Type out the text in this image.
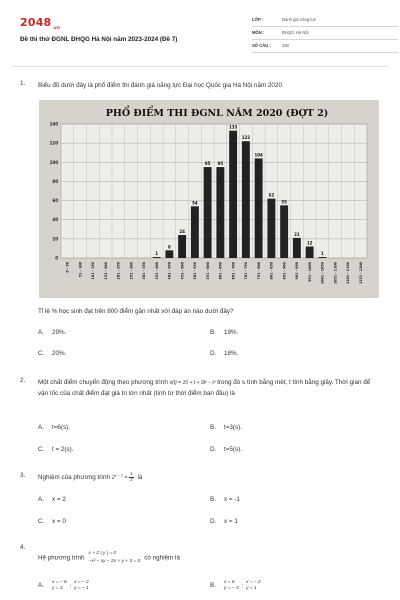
2048.vn
Đề thi thử ĐGNL ĐHQG Hà Nội năm 2023-2024 (Đề 7)
LỚP :	Đánh giá năng lực
MÔN :	ĐHQG Hà Nội
SỐ CÂU :	150
1. Biểu đồ dưới đây là phổ điểm thi đánh giá năng lực Đại học Quốc gia Hà Nội năm 2020
PHỔ ĐIỂM THI ĐGNL NĂM 2020 (ĐỢT 2)
0
20
40
60
80
100
120
140
0 - 50	51 - 100	101 - 150	151 - 200	201 - 250	251 - 300	301 - 350
1
351 - 400
8
401 - 450
24
451 - 500
54
501 - 550
95
551 - 600
95
601 - 650
133
651 - 700
122
701 - 750
104
751 - 800
62
801 - 850
55
851 - 900
21
901 - 950
12
951 - 1000
1
1001 - 1050	1051 - 1100	1101 - 1150	1151 - 1200
Tỉ lệ % học sinh đạt trên 800 điểm gần nhất với đáp án nào dưới đây?
A .	29%.	B .	19%.
C .	20%.	D .	18%.
2. Một chất điểm chuyển động theo phương trình s(t) = 10 + t + 9t² − t³ trong đó s tính bằng mét, t tính bằng giây. Thời gian để vận tốc của chất điểm đạt giá trị lớn nhất (tính từ thời điểm ban đầu) là
A .	t=6(s).	B .	t=3(s).
C .	t = 2(s).	D .	t=5(s).
3. Nghiệm của phương trình $2^{x - 1} = \frac{1}{2}$ là
A .	x = 2	B .	x = -1
C .	x = 0	D .	x = 1
4.
Hệ phương trình
x + 2 | y | = 0
−x² − xy − 2x + y + 3 = 0 có nghiệm là
A .	x = − 6
y = 3	;
x = − 2
y = − 1	B .	x = 6
y = − 3 ;
x = − 2
y = 1
